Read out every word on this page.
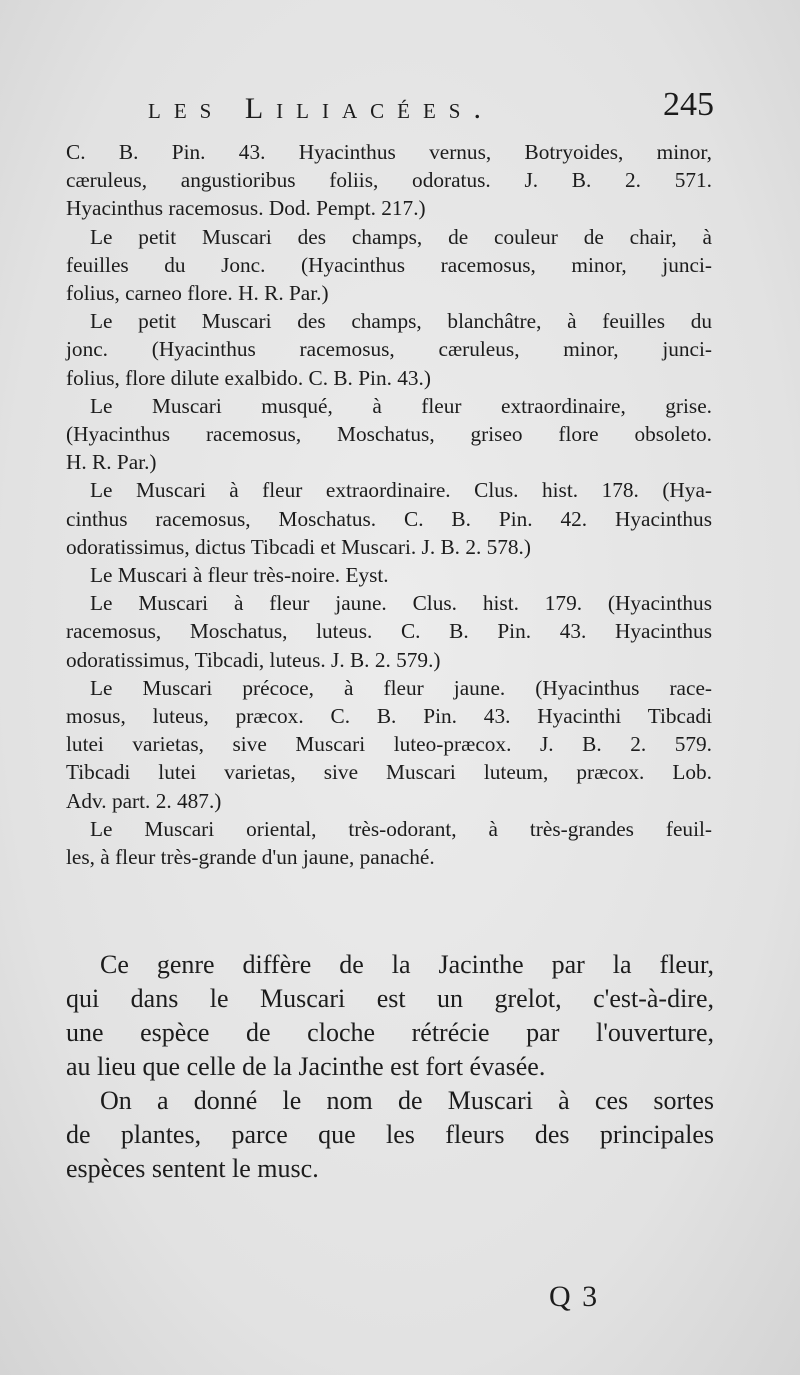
les Liliacées.	245
C. B. Pin. 43. Hyacinthus vernus, Botryoides, minor,
cæruleus, angustioribus foliis, odoratus. J. B. 2. 571.
Hyacinthus racemosus. Dod. Pempt. 217.)
Le petit Muscari des champs, de couleur de chair, à
feuilles du Jonc. (Hyacinthus racemosus, minor, junci-
folius, carneo flore. H. R. Par.)
Le petit Muscari des champs, blanchâtre, à feuilles du
jonc. (Hyacinthus racemosus, cæruleus, minor, junci-
folius, flore dilute exalbido. C. B. Pin. 43.)
Le Muscari musqué, à fleur extraordinaire, grise.
(Hyacinthus racemosus, Moschatus, griseo flore obsoleto.
H. R. Par.)
Le Muscari à fleur extraordinaire. Clus. hist. 178. (Hya-
cinthus racemosus, Moschatus. C. B. Pin. 42. Hyacinthus
odoratissimus, dictus Tibcadi et Muscari. J. B. 2. 578.)
Le Muscari à fleur très-noire. Eyst.
Le Muscari à fleur jaune. Clus. hist. 179. (Hyacinthus
racemosus, Moschatus, luteus. C. B. Pin. 43. Hyacinthus
odoratissimus, Tibcadi, luteus. J. B. 2. 579.)
Le Muscari précoce, à fleur jaune. (Hyacinthus race-
mosus, luteus, præcox. C. B. Pin. 43. Hyacinthi Tibcadi
lutei varietas, sive Muscari luteo-præcox. J. B. 2. 579.
Tibcadi lutei varietas, sive Muscari luteum, præcox. Lob.
Adv. part. 2. 487.)
Le Muscari oriental, très-odorant, à très-grandes feuil-
les, à fleur très-grande d'un jaune, panaché.
Ce genre diffère de la Jacinthe par la fleur,
qui dans le Muscari est un grelot, c'est-à-dire,
une espèce de cloche rétrécie par l'ouverture,
au lieu que celle de la Jacinthe est fort évasée.
On a donné le nom de Muscari à ces sortes
de plantes, parce que les fleurs des principales
espèces sentent le musc.
Q 3
